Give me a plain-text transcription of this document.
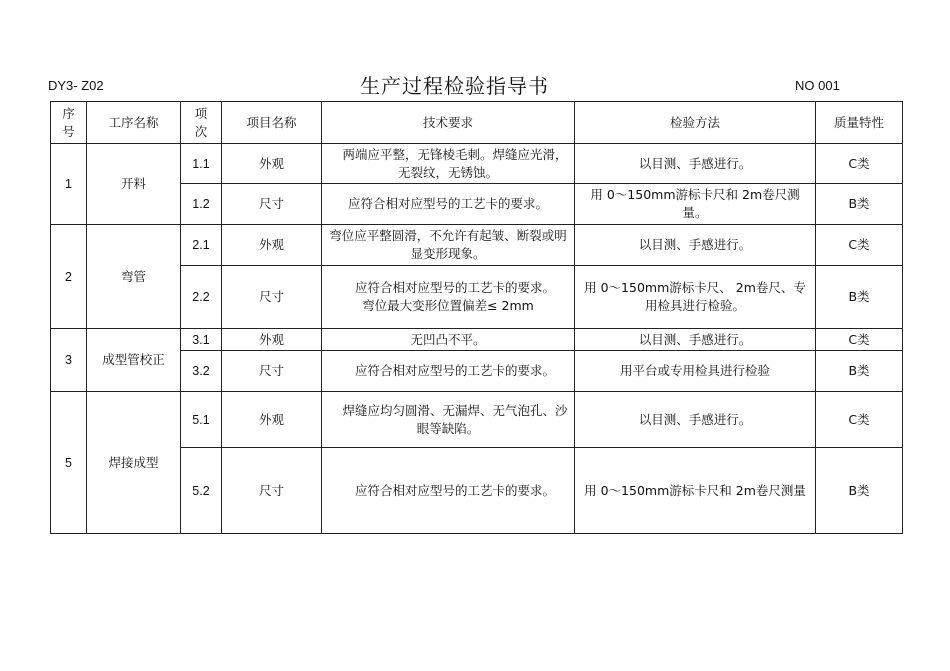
DY3- Z02	生产过程检验指导书	NO 001
序
号	工序名称	项
次	项目名称	技术要求	检验方法	质量特性
1	开料	1.1	外观	两端应平整，无锋棱毛刺。焊缝应光滑，无裂纹，无锈蚀。	以目测、手感进行。	C类
		1.2	尺寸	应符合相对应型号的工艺卡的要求。	用 0～150mm游标卡尺和 2m卷尺测量。	B类
2	弯管	2.1	外观	弯位应平整圆滑，不允许有起皱、断裂或明显变形现象。	以目测、手感进行。	C类
		2.2	尺寸	应符合相对应型号的工艺卡的要求。
弯位最大变形位置偏差≤ 2mm	用 0～150mm游标卡尺、 2m卷尺、专用检具进行检验。	B类
3	成型管校正	3.1	外观	无凹凸不平。	以目测、手感进行。	C类
		3.2	尺寸	应符合相对应型号的工艺卡的要求。	用平台或专用检具进行检验	B类
5	焊接成型	5.1	外观	焊缝应均匀圆滑、无漏焊、无气泡孔、沙眼等缺陷。	以目测、手感进行。	C类
		5.2	尺寸	应符合相对应型号的工艺卡的要求。	用 0～150mm游标卡尺和 2m卷尺测量	B类
